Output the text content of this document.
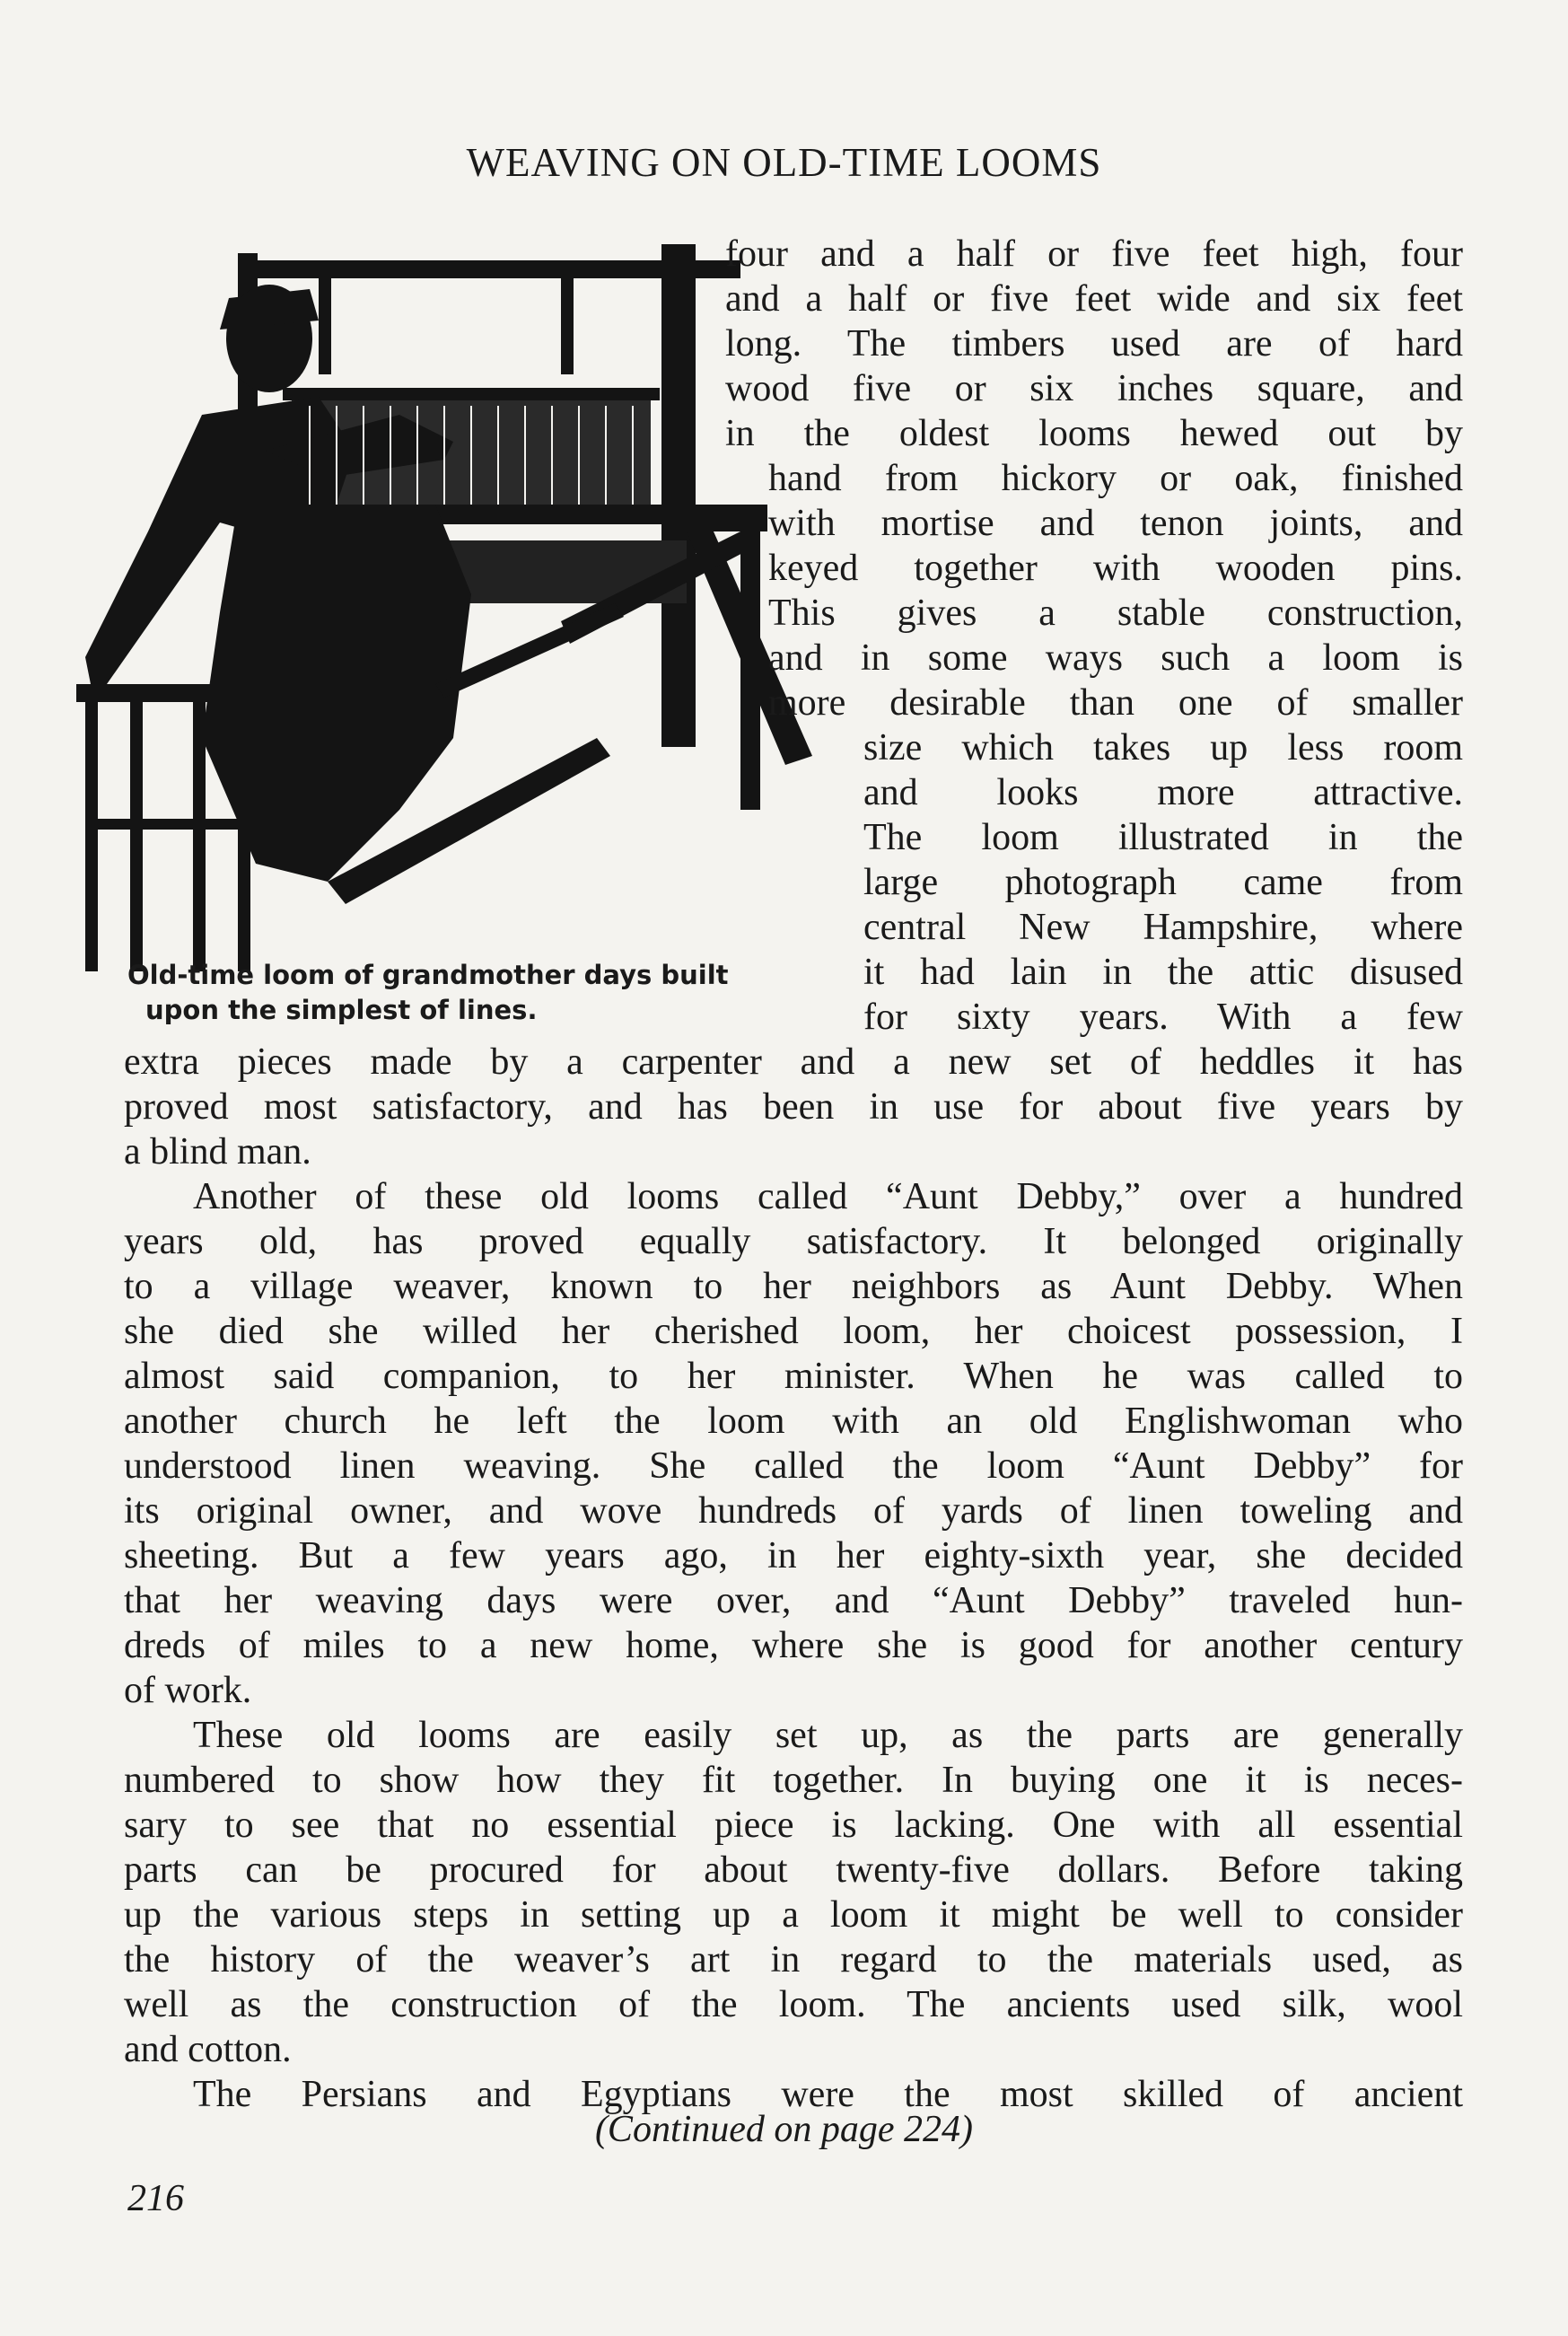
WEAVING ON OLD-TIME LOOMS
Old-time loom of grandmother days built
upon the simplest of lines.
four and a half or five feet high, four
and a half or five feet wide and six feet
long. The timbers used are of hard
wood five or six inches square, and
in the oldest looms hewed out by
hand from hickory or oak, finished
with mortise and tenon joints, and
keyed together with wooden pins.
This gives a stable construction,
and in some ways such a loom is
more desirable than one of smaller
size which takes up less room
and looks more attractive.
The loom illustrated in the
large photograph came from
central New Hampshire, where
it had lain in the attic disused
for sixty years. With a few
extra pieces made by a carpenter and a new set of heddles it has
proved most satisfactory, and has been in use for about five years by
a blind man.
Another of these old looms called “Aunt Debby,” over a hundred
years old, has proved equally satisfactory. It belonged originally
to a village weaver, known to her neighbors as Aunt Debby. When
she died she willed her cherished loom, her choicest possession, I
almost said companion, to her minister. When he was called to
another church he left the loom with an old Englishwoman who
understood linen weaving. She called the loom “Aunt Debby” for
its original owner, and wove hundreds of yards of linen toweling and
sheeting. But a few years ago, in her eighty-sixth year, she decided
that her weaving days were over, and “Aunt Debby” traveled hun-
dreds of miles to a new home, where she is good for another century
of work.
These old looms are easily set up, as the parts are generally
numbered to show how they fit together. In buying one it is neces-
sary to see that no essential piece is lacking. One with all essential
parts can be procured for about twenty-five dollars. Before taking
up the various steps in setting up a loom it might be well to consider
the history of the weaver’s art in regard to the materials used, as
well as the construction of the loom. The ancients used silk, wool
and cotton.
The Persians and Egyptians were the most skilled of ancient
(Continued on page 224)
216
